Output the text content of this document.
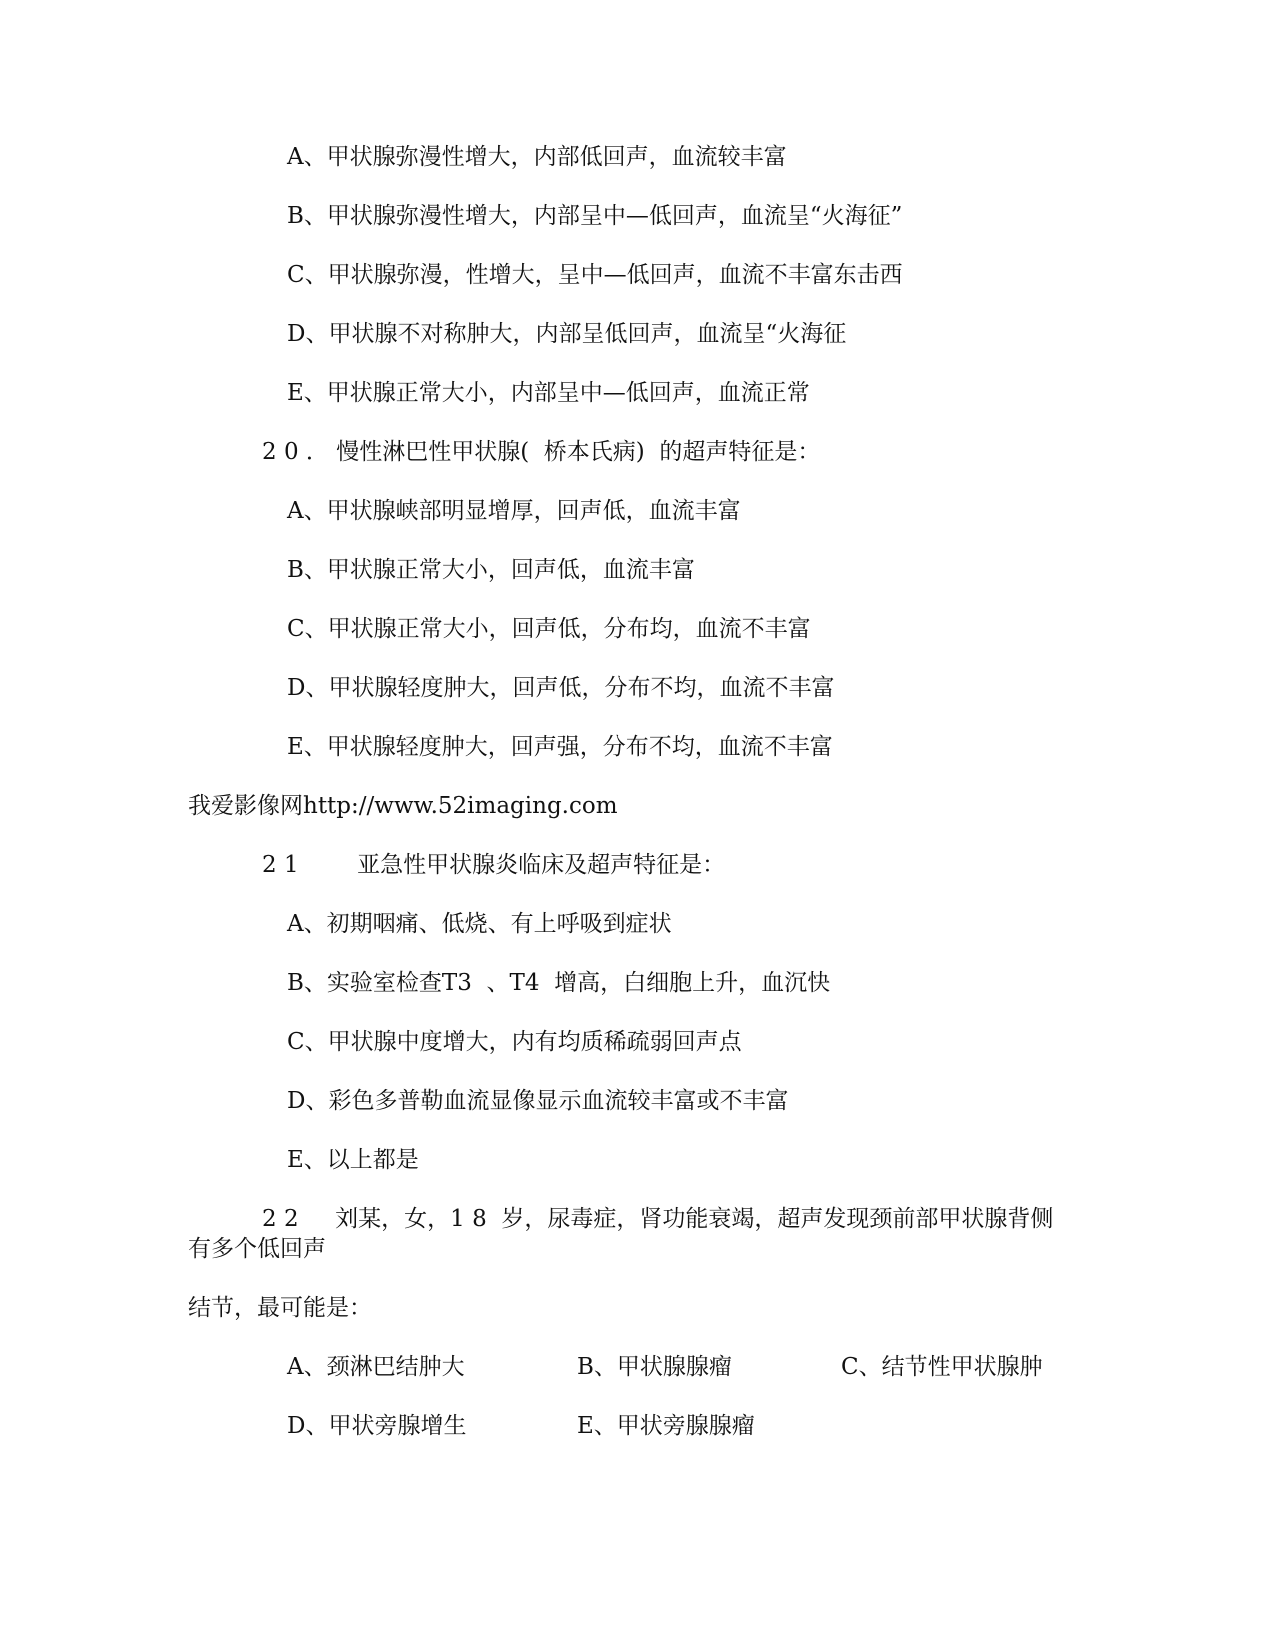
A、甲状腺弥漫性增大，内部低回声，血流较丰富
B、甲状腺弥漫性增大，内部呈中—低回声，血流呈“火海征”
C、甲状腺弥漫，性增大，呈中—低回声，血流不丰富东击西
D、甲状腺不对称肿大，内部呈低回声，血流呈“火海征
E、甲状腺正常大小，内部呈中—低回声，血流正常
2 0 ． 慢性淋巴性甲状腺(  桥本氏病)  的超声特征是：
A、甲状腺峡部明显增厚，回声低，血流丰富
B、甲状腺正常大小，回声低，血流丰富
C、甲状腺正常大小，回声低，分布均，血流不丰富
D、甲状腺轻度肿大，回声低，分布不均，血流不丰富
E、甲状腺轻度肿大，回声强，分布不均，血流不丰富
我爱影像网http://www.52imaging.com
2 1        亚急性甲状腺炎临床及超声特征是：
A、初期咽痛、低烧、有上呼吸到症状
B、实验室检查T3  、T4  增高，白细胞上升，血沉快
C、甲状腺中度增大，内有均质稀疏弱回声点
D、彩色多普勒血流显像显示血流较丰富或不丰富
E、以上都是
2 2     刘某，女，1 8  岁，尿毒症，肾功能衰竭，超声发现颈前部甲状腺背侧
有多个低回声
结节，最可能是：
A、颈淋巴结肿大	B、甲状腺腺瘤	C、结节性甲状腺肿
D、甲状旁腺增生	E、甲状旁腺腺瘤
